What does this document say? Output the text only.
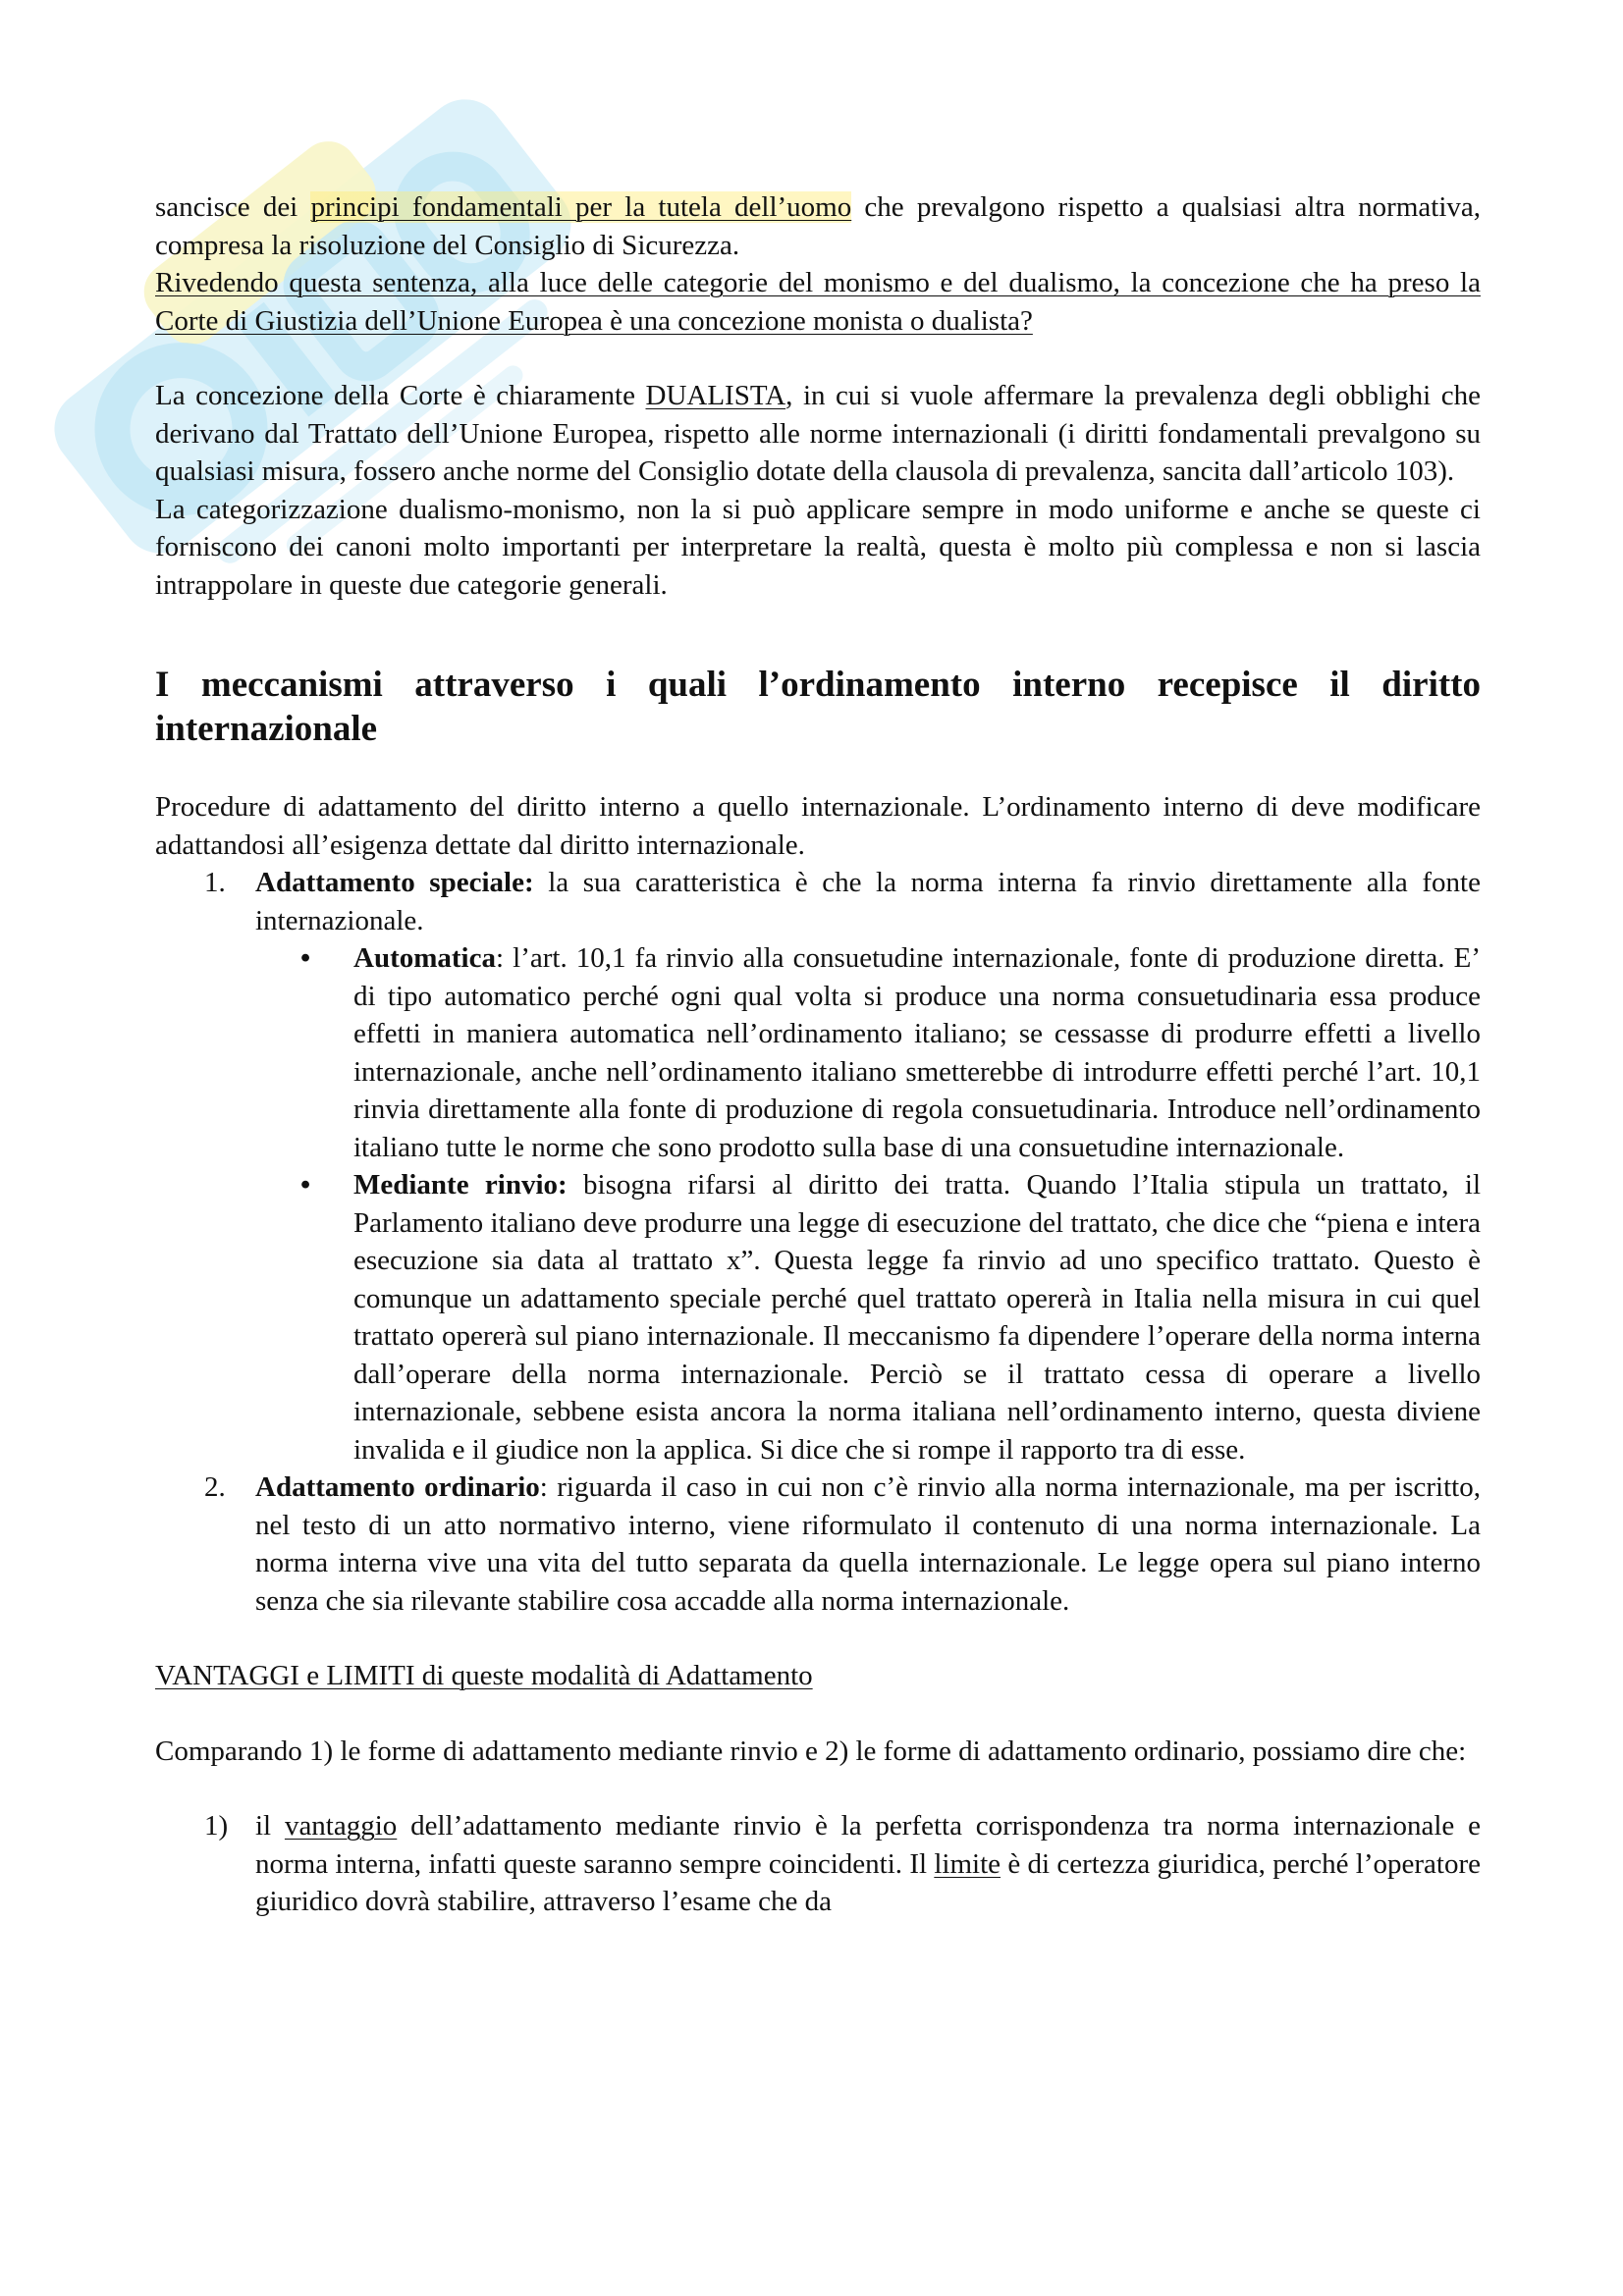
sancisce dei principi fondamentali per la tutela dell’uomo che prevalgono rispetto a qualsiasi altra normativa, compresa la risoluzione del Consiglio di Sicurezza.

Rivedendo questa sentenza, alla luce delle categorie del monismo e del dualismo, la concezione che ha preso la Corte di Giustizia dell’Unione Europea è una concezione monista o dualista?

La concezione della Corte è chiaramente DUALISTA, in cui si vuole affermare la prevalenza degli obblighi che derivano dal Trattato dell’Unione Europea, rispetto alle norme internazionali (i diritti fondamentali prevalgono su qualsiasi misura, fossero anche norme del Consiglio dotate della clausola di prevalenza, sancita dall’articolo 103).

La categorizzazione dualismo-monismo, non la si può applicare sempre in modo uniforme e anche se queste ci forniscono dei canoni molto importanti per interpretare la realtà, questa è molto più complessa e non si lascia intrappolare in queste due categorie generali.

I meccanismi attraverso i quali l’ordinamento interno recepisce il diritto internazionale

Procedure di adattamento del diritto interno a quello internazionale. L’ordinamento interno di deve modificare adattandosi all’esigenza dettate dal diritto internazionale.

1. Adattamento speciale: la sua caratteristica è che la norma interna fa rinvio direttamente alla fonte internazionale.
• Automatica: l’art. 10,1 fa rinvio alla consuetudine internazionale, fonte di produzione diretta. E’ di tipo automatico perché ogni qual volta si produce una norma consuetudinaria essa produce effetti in maniera automatica nell’ordinamento italiano; se cessasse di produrre effetti a livello internazionale, anche nell’ordinamento italiano smetterebbe di introdurre effetti perché l’art. 10,1 rinvia direttamente alla fonte di produzione di regola consuetudinaria. Introduce nell’ordinamento italiano tutte le norme che sono prodotto sulla base di una consuetudine internazionale.
• Mediante rinvio: bisogna rifarsi al diritto dei tratta. Quando l’Italia stipula un trattato, il Parlamento italiano deve produrre una legge di esecuzione del trattato, che dice che “piena e intera esecuzione sia data al trattato x”. Questa legge fa rinvio ad uno specifico trattato. Questo è comunque un adattamento speciale perché quel trattato opererà in Italia nella misura in cui quel trattato opererà sul piano internazionale. Il meccanismo fa dipendere l’operare della norma interna dall’operare della norma internazionale. Perciò se il trattato cessa di operare a livello internazionale, sebbene esista ancora la norma italiana nell’ordinamento interno, questa diviene invalida e il giudice non la applica. Si dice che si rompe il rapporto tra di esse.
2. Adattamento ordinario: riguarda il caso in cui non c’è rinvio alla norma internazionale, ma per iscritto, nel testo di un atto normativo interno, viene riformulato il contenuto di una norma internazionale. La norma interna vive una vita del tutto separata da quella internazionale. Le legge opera sul piano interno senza che sia rilevante stabilire cosa accadde alla norma internazionale.

VANTAGGI e LIMITI di queste modalità di Adattamento

Comparando 1) le forme di adattamento mediante rinvio e 2) le forme di adattamento ordinario, possiamo dire che:

1) il vantaggio dell’adattamento mediante rinvio è la perfetta corrispondenza tra norma internazionale e norma interna, infatti queste saranno sempre coincidenti. Il limite è di certezza giuridica, perché l’operatore giuridico dovrà stabilire, attraverso l’esame che da
